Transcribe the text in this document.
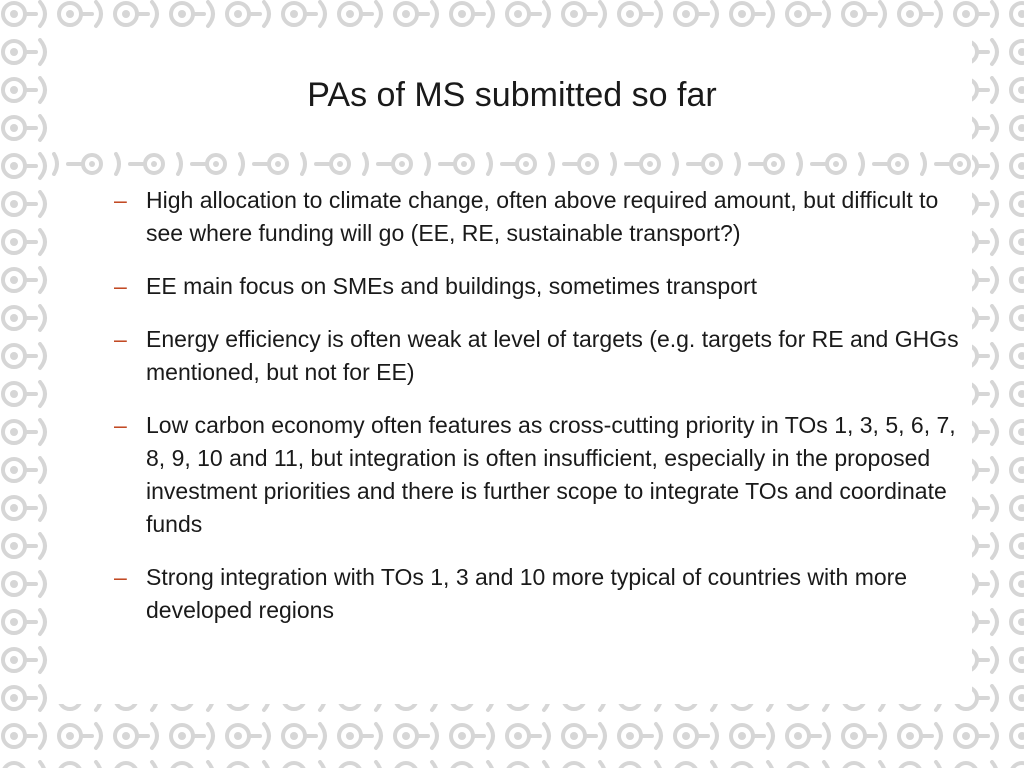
PAs of MS submitted so far
– High allocation to climate change, often above required amount, but difficult to see where funding will go (EE, RE, sustainable transport?)
– EE main focus on SMEs and buildings, sometimes transport
– Energy efficiency is often weak at level of targets (e.g. targets for RE and GHGs mentioned, but not for EE)
– Low carbon economy often features as cross-cutting priority in TOs 1, 3, 5, 6, 7, 8, 9, 10 and 11, but integration is often insufficient, especially in the proposed investment priorities and there is further scope to integrate TOs and coordinate funds
– Strong integration with TOs 1, 3 and 10 more typical of countries with more developed regions
